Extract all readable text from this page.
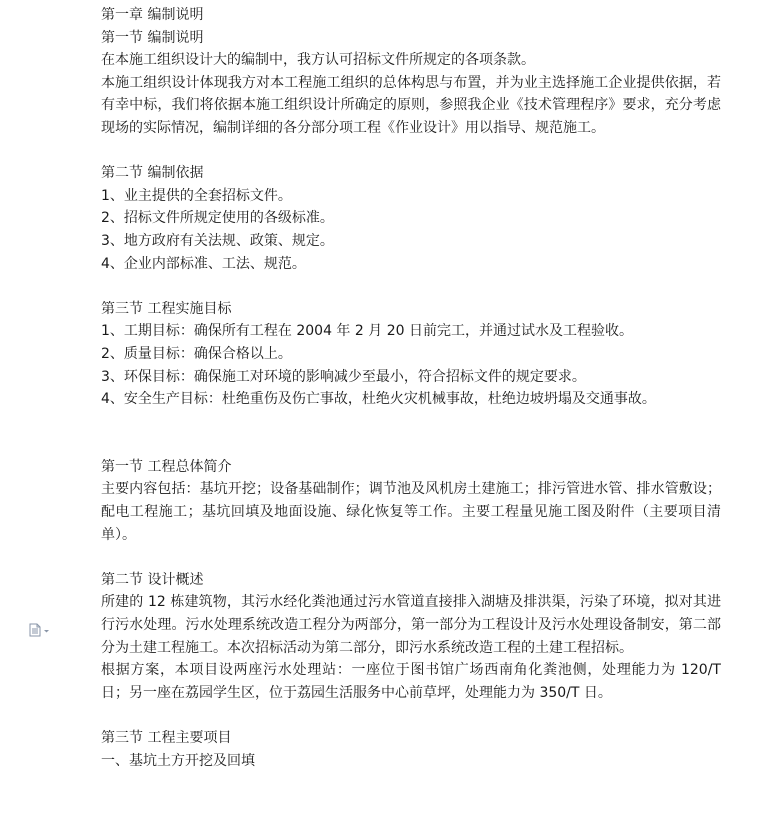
第一章 编制说明
第一节 编制说明
在本施工组织设计大的编制中，我方认可招标文件所规定的各项条款。
本施工组织设计体现我方对本工程施工组织的总体构思与布置，并为业主选择施工企业提供依据，若有幸中标，我们将依据本施工组织设计所确定的原则，参照我企业《技术管理程序》要求，充分考虑现场的实际情况，编制详细的各分部分项工程《作业设计》用以指导、规范施工。
第二节 编制依据
1、业主提供的全套招标文件。
2、招标文件所规定使用的各级标准。
3、地方政府有关法规、政策、规定。
4、企业内部标准、工法、规范。
第三节 工程实施目标
1、工期目标：确保所有工程在 2004 年 2 月 20 日前完工，并通过试水及工程验收。
2、质量目标：确保合格以上。
3、环保目标：确保施工对环境的影响减少至最小，符合招标文件的规定要求。
4、安全生产目标：杜绝重伤及伤亡事故，杜绝火灾机械事故，杜绝边坡坍塌及交通事故。
第一节 工程总体简介
主要内容包括：基坑开挖；设备基础制作；调节池及风机房土建施工；排污管进水管、排水管敷设；配电工程施工；基坑回填及地面设施、绿化恢复等工作。主要工程量见施工图及附件（主要项目清单）。
第二节 设计概述
所建的 12 栋建筑物，其污水经化粪池通过污水管道直接排入湖塘及排洪渠，污染了环境，拟对其进行污水处理。污水处理系统改造工程分为两部分，第一部分为工程设计及污水处理设备制安，第二部分为土建工程施工。本次招标活动为第二部分，即污水系统改造工程的土建工程招标。
根据方案，本项目设两座污水处理站：一座位于图书馆广场西南角化粪池侧，处理能力为 120/T 日；另一座在荔园学生区，位于荔园生活服务中心前草坪，处理能力为 350/T 日。
第三节 工程主要项目
一、基坑土方开挖及回填
